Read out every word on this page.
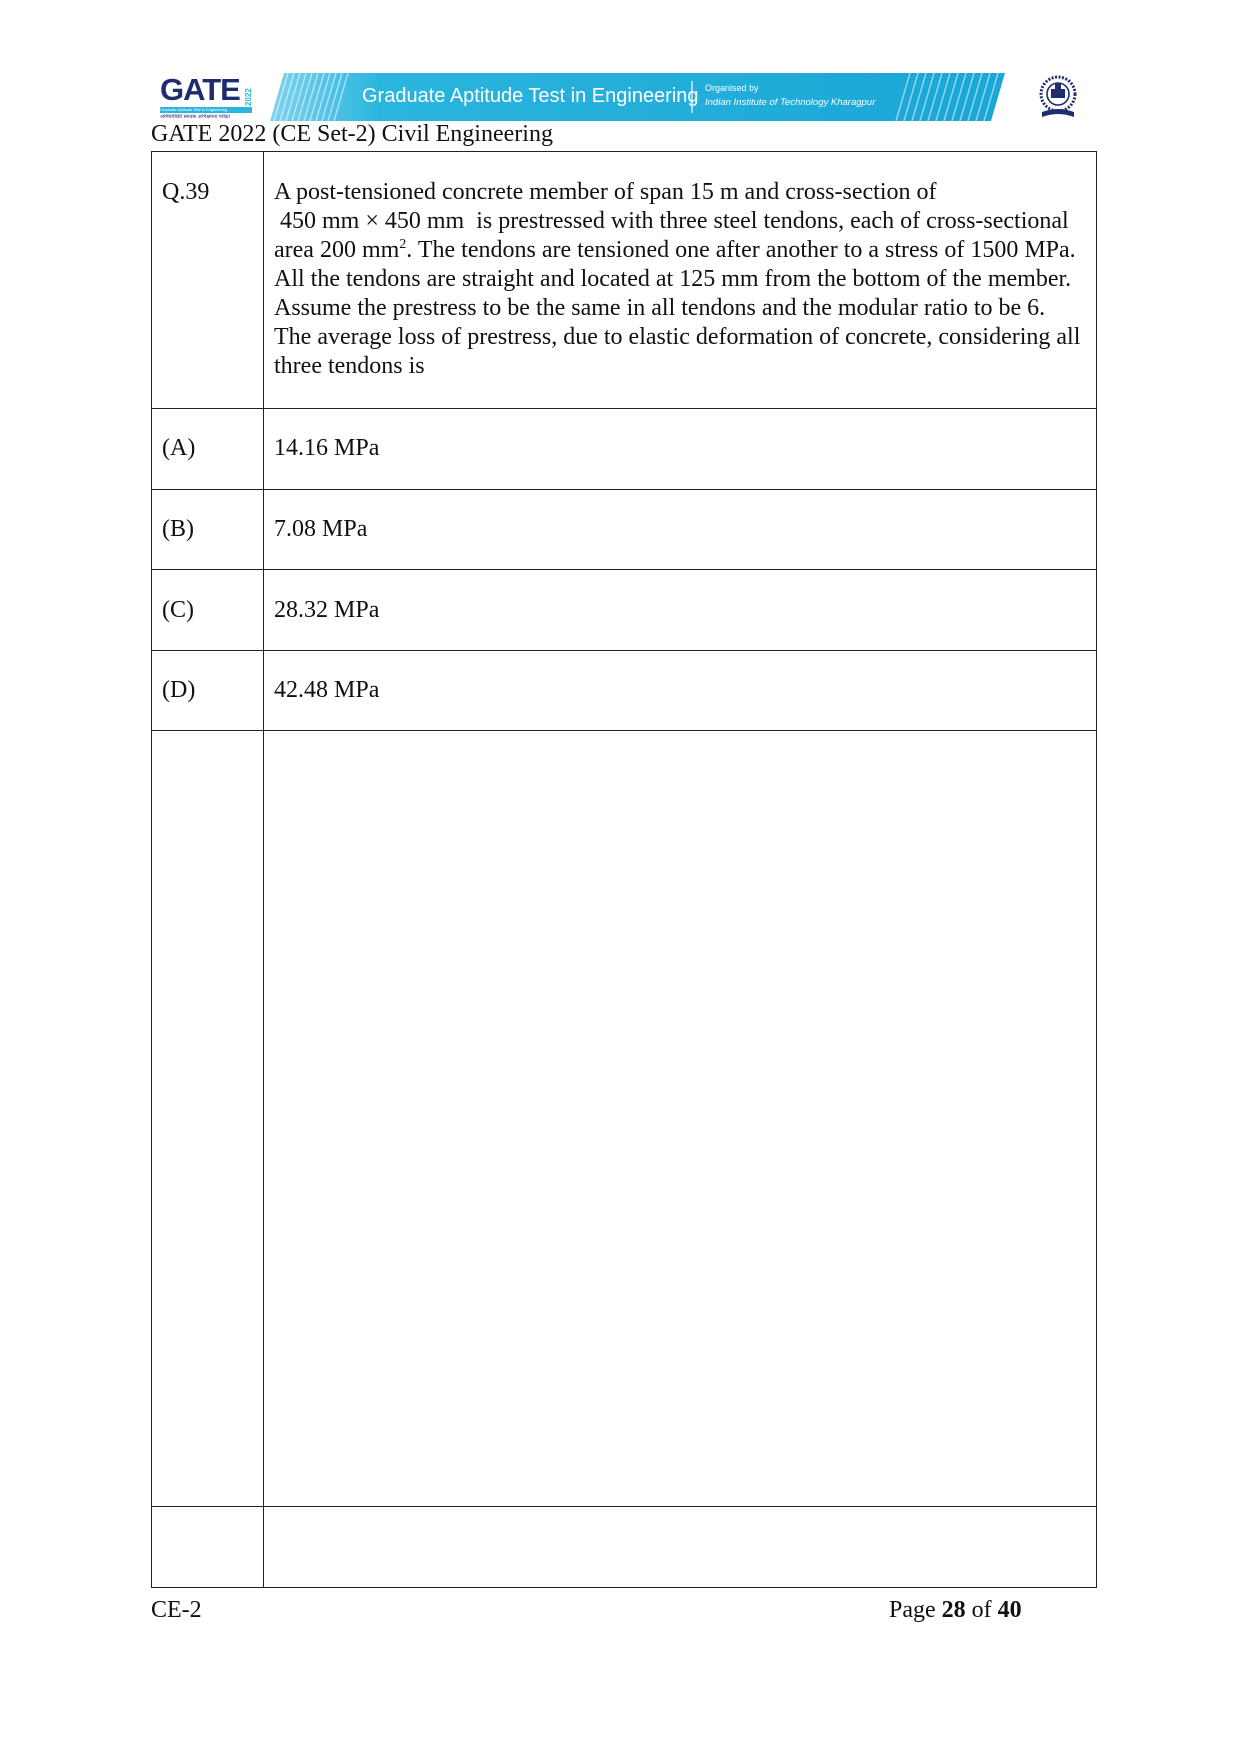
GATE 2022
Graduate Aptitude Test in Engineering
अभियांत्रिकी स्नातक अभिक्षमता परीक्षा
Graduate Aptitude Test in Engineering Organised by
Indian Institute of Technology Kharagpur
GATE 2022 (CE Set-2) Civil Engineering
Q.39	A post-tensioned concrete member of span 15 m and cross-section of
450 mm × 450 mm is prestressed with three steel tendons, each of cross-sectional area 200 $mm^2$. The tendons are tensioned one after another to a stress of 1500 MPa. All the tendons are straight and located at 125 mm from the bottom of the member. Assume the prestress to be the same in all tendons and the modular ratio to be 6. The average loss of prestress, due to elastic deformation of concrete, considering all three tendons is

(A)	14.16 MPa

(B)	7.08 MPa

(C)	28.32 MPa

(D)	42.48 MPa

CE-2	Page 28 of 40
